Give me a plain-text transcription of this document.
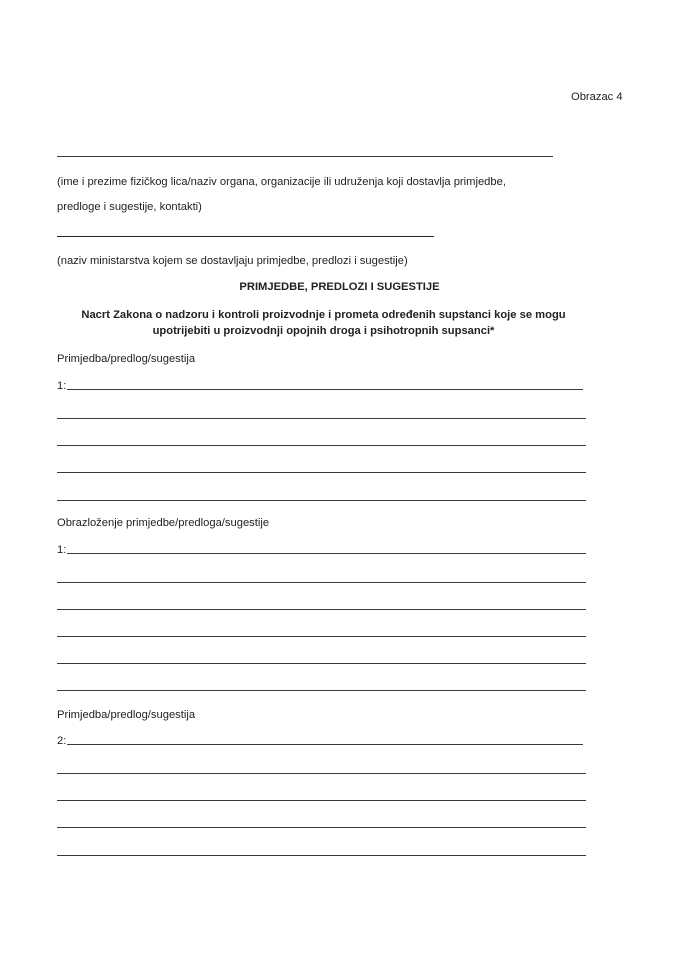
Obrazac 4
(ime i prezime fizičkog lica/naziv organa, organizacije ili udruženja koji dostavlja primjedbe,
predloge i sugestije, kontakti)
(naziv ministarstva kojem se dostavljaju primjedbe, predlozi i sugestije)
PRIMJEDBE, PREDLOZI I SUGESTIJE
Nacrt Zakona o nadzoru i kontroli proizvodnje i prometa određenih supstanci koje se mogu
upotrijebiti u proizvodnji opojnih droga i psihotropnih supsanci*
Primjedba/predlog/sugestija
1:
Obrazloženje primjedbe/predloga/sugestije
1:
Primjedba/predlog/sugestija
2:
